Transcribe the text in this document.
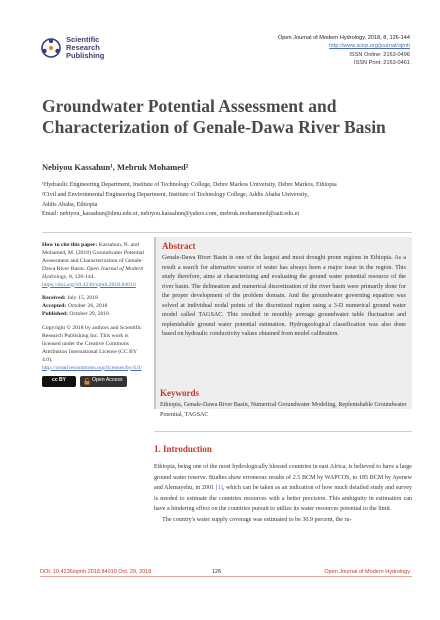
Scientific
Research
Publishing
Open Journal of Modern Hydrology, 2018, 8, 126-144
http://www.scirp.org/journal/ojmh
ISSN Online: 2163-0496
ISSN Print: 2163-0461
Groundwater Potential Assessment and Characterization of Genale-Dawa River Basin
Nebiyou Kassahun¹, Mebruk Mohamed²
¹Hydraulic Engineering Department, Institute of Technology College, Debre Markos University, Debre Markos, Ethiopia
²Civil and Environmental Engineering Department, Institute of Technology College, Addis Ababa University,
Addis Ababa, Ethiopia
Email: nebiyou_kassahun@dmu.edu.et, nebiyou.kassahun@yahoo.com, mebruk.mohammed@aait.edu.et
How to cite this paper: Kassahun, N. and Mohamed, M. (2018) Groundwater Potential Assessment and Characterization of Genale-Dawa River Basin. Open Journal of Modern Hydrology, 8, 126-144.
https://doi.org/10.4236/ojmh.2018.84010
Received: July 15, 2018
Accepted: October 26, 2018
Published: October 29, 2018
Copyright © 2018 by authors and Scientific Research Publishing Inc. This work is licensed under the Creative Commons Attribution International License (CC BY 4.0).
http://creativecommons.org/licenses/by/4.0/
cc BY	Open Access
Abstract

Genale-Dawa River Basin is one of the largest and most drought prone regions in Ethiopia. As a result a search for alternative source of water has always been a major issue in the region. This study therefore, aims at characterizing and evaluating the ground water potential resource of the river basin. The delineation and numerical discretization of the river basin were primarily done for the proper development of the problem domain. And the groundwater governing equation was solved at individual nodal points of the discretized region using a 3-D numerical ground water model called TAGSAC. This resulted in monthly average groundwater table fluctuation and replenishable ground water potential estimation. Hydrogeological classification was also done based on hydraulic conductivity values obtained from model calibration.

Keywords

Ethiopia, Genale-Dawa River Basin, Numerical Groundwater Modeling, Replenishable Groundwater Potential, TAGSAC

1. Introduction

Ethiopia, being one of the most hydrologically blessed countries in east Africa, is believed to have a large ground water reserve. Studies show erroneous results of 2.5 BCM by WAPCOS, to 185 BCM by Ayenew and Alemayehu, in 2001 [1], which can be taken as an indication of how much detailed study and survey is needed to estimate the countries resources with a better precision. This ambiguity in estimation can have a hindering effect on the countries pursuit to utilize its water resources potential to the limit.

The country's water supply coverage was estimated to be 30.9 percent, the ru-

DOI: 10.4236/ojmh.2018.84010 Oct. 29, 2018	126	Open Journal of Modern Hydrology
